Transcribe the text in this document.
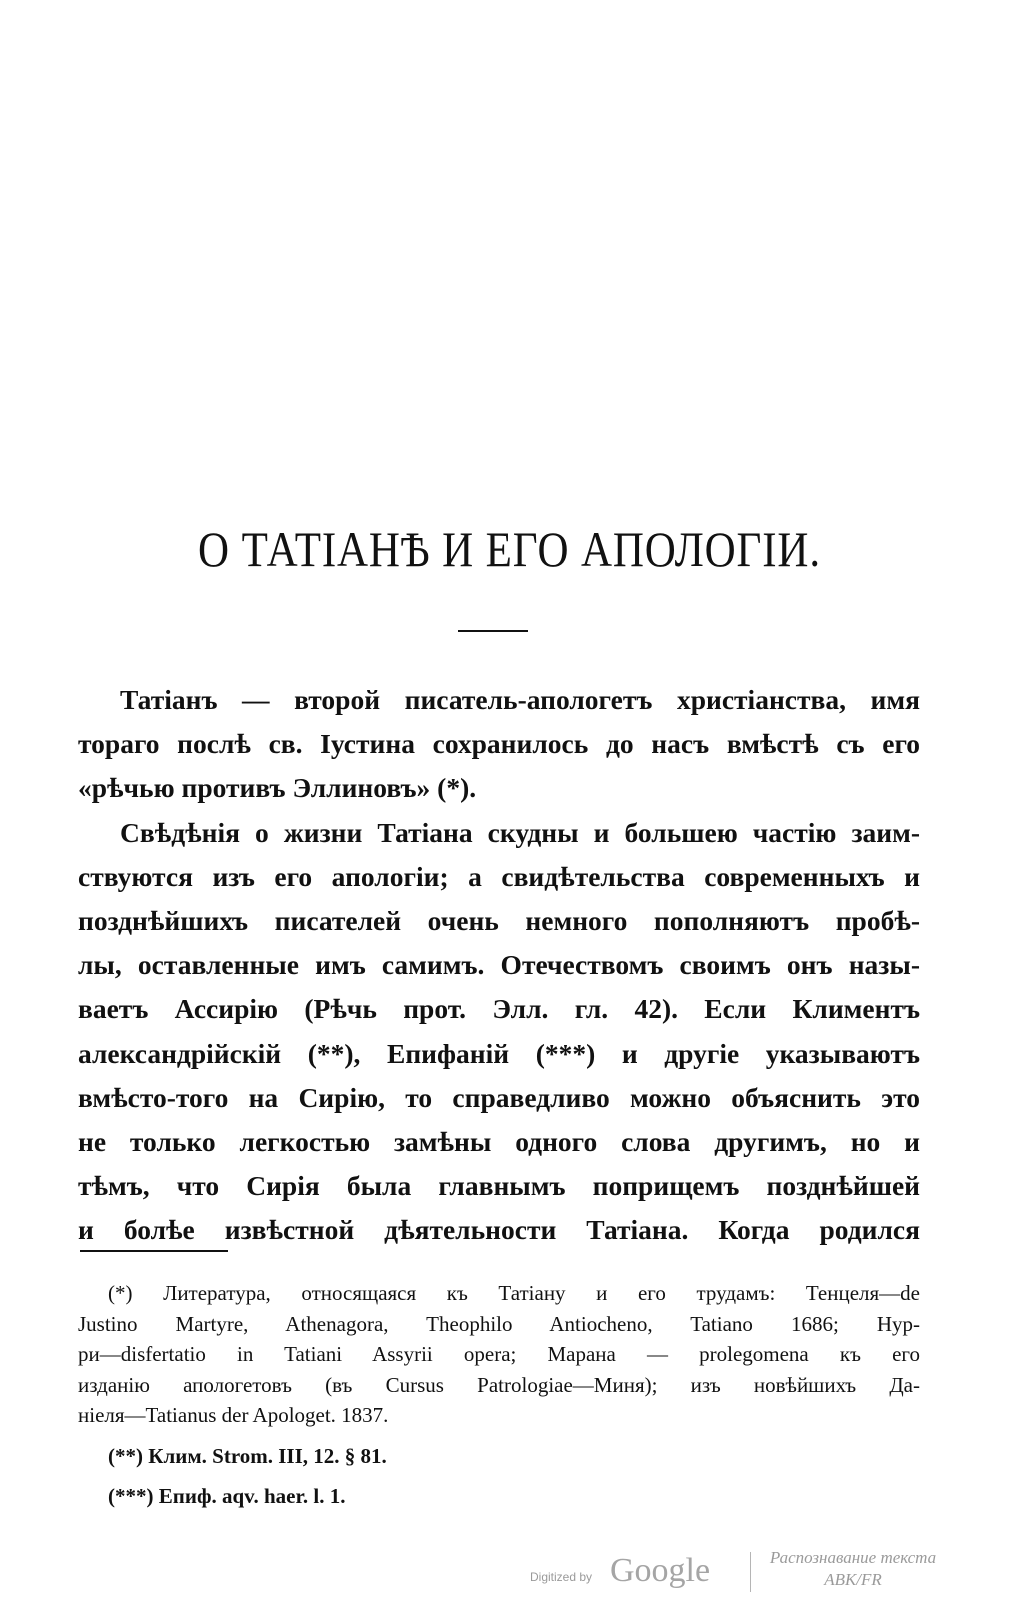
О ТАТІАНѢ И ЕГО АПОЛОГІИ.
Татіанъ — второй писатель-апологетъ христіанства, имя
тораго послѣ св. Іустина сохранилось до насъ вмѣстѣ съ его
«рѣчью противъ Эллиновъ» (*).
Свѣдѣнія о жизни Татіана скудны и большею частію заим-
ствуются изъ его апологіи; а свидѣтельства современныхъ и
позднѣйшихъ писателей очень немного пополняютъ пробѣ-
лы, оставленные имъ самимъ. Отечествомъ своимъ онъ назы-
ваетъ Ассирію (Рѣчь прот. Элл. гл. 42). Если Климентъ
александрійскій (**), Епифаній (***) и другіе указываютъ
вмѣсто-того на Сирію, то справедливо можно объяснить это
не только легкостью замѣны одного слова другимъ, но и
тѣмъ, что Сирія была главнымъ поприщемъ позднѣйшей
и болѣе извѣстной дѣятельности Татіана. Когда родился
(*) Литература, относящаяся къ Татіану и его трудамъ: Тенцеля—de
Justino Martyre, Athenagora, Theophilo Antiocheno, Tatiano 1686; Нур-
ри—disfertatio in Tatiani Assyrii opera; Марана — prolegomena къ его
изданію апологетовъ (въ Cursus Patrologiae—Миня); изъ новѣйшихъ Да-
ніеля—Tatianus der Apologet. 1837.
(**) Клим. Strom. III, 12. § 81.
(***) Епиф. aqv. haer. l. 1.
Digitized by Google	Распознавание текста
ABK/FR
